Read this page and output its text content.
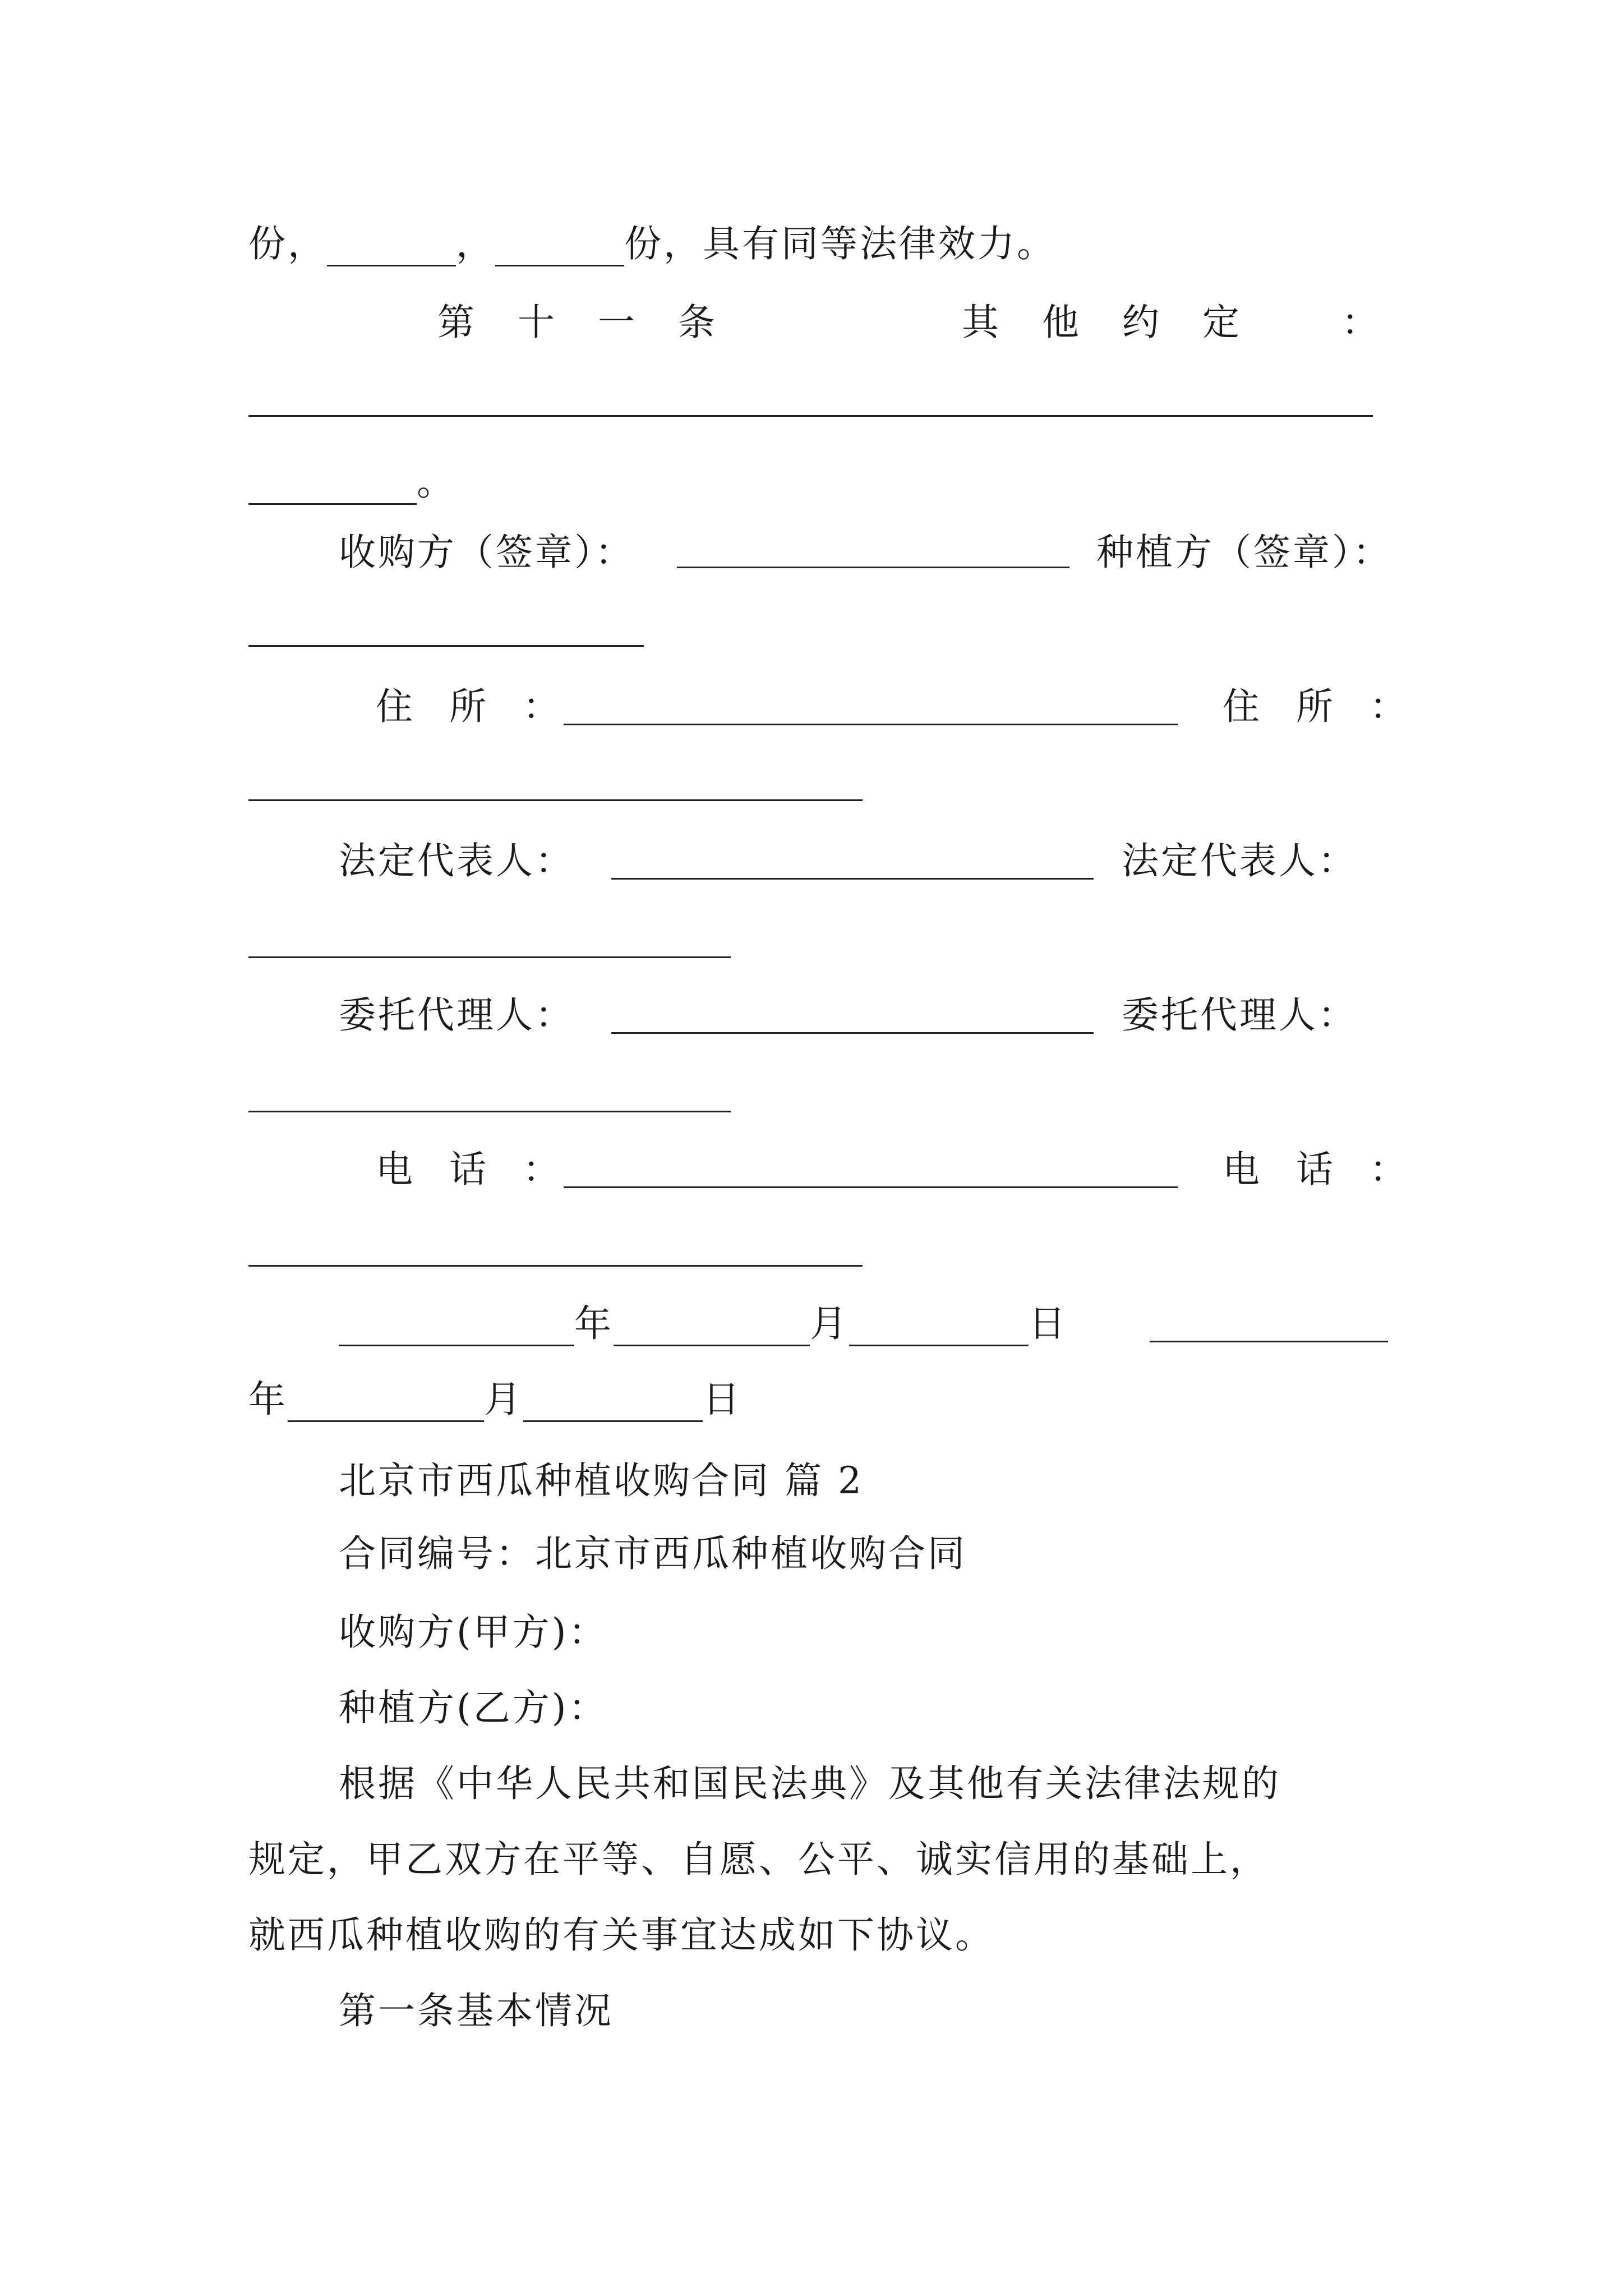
份，	，	份，具有同等法律效力。
第 十 一 条	其 他 约 定 ：
。
收购方（签章）：	种植方（签章）：
住 所 ：	住 所 ：
法定代表人：	法定代表人：
委托代理人：	委托代理人：
电 话 ：	电 话 ：
年	月	日
年	月	日
北京市西瓜种植收购合同 篇 2
合同编号：北京市西瓜种植收购合同
收购方(甲方)：
种植方(乙方)：
根据《中华人民共和国民法典》及其他有关法律法规的
规定，甲乙双方在平等、自愿、公平、诚实信用的基础上，
就西瓜种植收购的有关事宜达成如下协议。
第一条基本情况
